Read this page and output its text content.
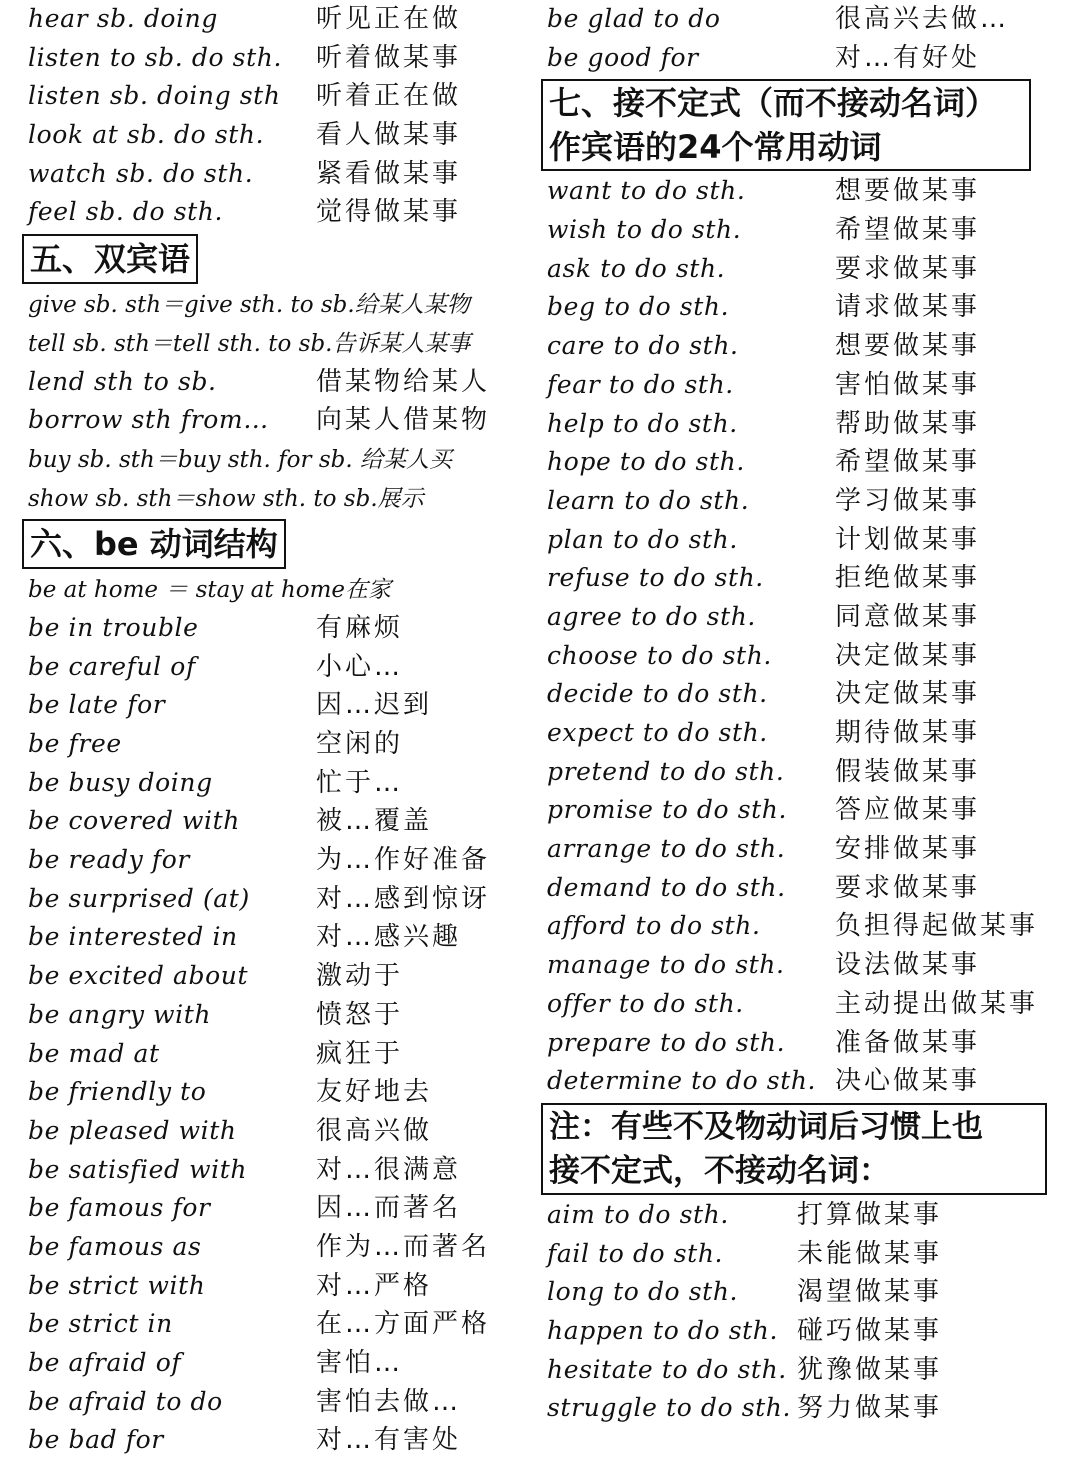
hear sb. doing	听见正在做
listen to sb. do sth. 听着做某事
listen sb. doing sth 听着正在做
look at sb. do sth. 看人做某事
watch sb. do sth. 紧看做某事
feel sb. do sth.	觉得做某事
五、双宾语
give sb. sth＝give sth. to sb.给某人某物
tell sb. sth＝tell sth. to sb.告诉某人某事
lend sth to sb.	借某物给某人
borrow sth from… 向某人借某物
buy sb. sth＝buy sth. for sb. 给某人买
show sb. sth＝show sth. to sb.展示
六、be 动词结构
be at home ＝ stay at home在家
be in trouble	有麻烦
be careful of	小心…
be late for	因…迟到
be free	空闲的
be busy doing	忙于…
be covered with	被…覆盖
be ready for	为…作好准备
be surprised (at)	对…感到惊讶
be interested in	对…感兴趣
be excited about	激动于
be angry with	愤怒于
be mad at	疯狂于
be friendly to	友好地去
be pleased with	很高兴做
be satisfied with	对…很满意
be famous for	因…而著名
be famous as	作为…而著名
be strict with	对…严格
be strict in	在…方面严格
be afraid of	害怕…
be afraid to do	害怕去做…
be bad for	对…有害处
be glad to do	很高兴去做…
be good for	对…有好处
七、接不定式（而不接动名词）
作宾语的24个常用动词
want to do sth.	想要做某事
wish to do sth.	希望做某事
ask to do sth.	要求做某事
beg to do sth.	请求做某事
care to do sth.	想要做某事
fear to do sth.	害怕做某事
help to do sth.	帮助做某事
hope to do sth.	希望做某事
learn to do sth.	学习做某事
plan to do sth.	计划做某事
refuse to do sth.	拒绝做某事
agree to do sth.	同意做某事
choose to do sth. 决定做某事
decide to do sth.	决定做某事
expect to do sth.	期待做某事
pretend to do sth. 假装做某事
promise to do sth. 答应做某事
arrange to do sth. 安排做某事
demand to do sth. 要求做某事
afford to do sth.	负担得起做某事
manage to do sth. 设法做某事
offer to do sth.	主动提出做某事
prepare to do sth. 准备做某事
determine to do sth. 决心做某事
注：有些不及物动词后习惯上也
接不定式，不接动名词：
aim to do sth.	打算做某事
fail to do sth.	未能做某事
long to do sth. 渴望做某事
happen to do sth. 碰巧做某事
hesitate to do sth. 犹豫做某事
struggle to do sth. 努力做某事
